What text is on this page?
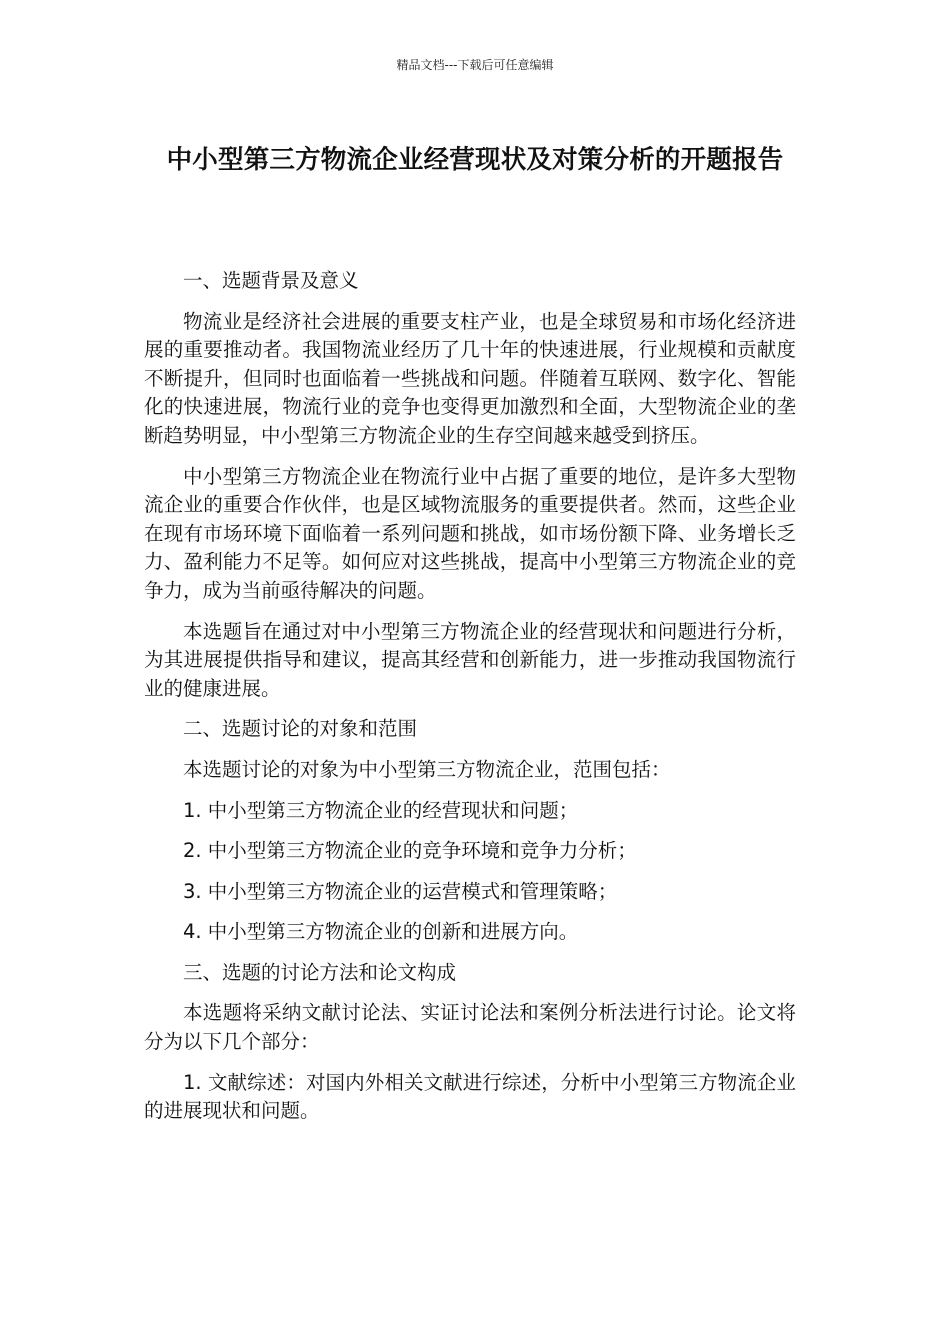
精品文档---下载后可任意编辑
中小型第三方物流企业经营现状及对策分析的开题报告

一、选题背景及意义

物流业是经济社会进展的重要支柱产业，也是全球贸易和市场化经济进展的重要推动者。我国物流业经历了几十年的快速进展，行业规模和贡献度不断提升，但同时也面临着一些挑战和问题。伴随着互联网、数字化、智能化的快速进展，物流行业的竞争也变得更加激烈和全面，大型物流企业的垄断趋势明显，中小型第三方物流企业的生存空间越来越受到挤压。

中小型第三方物流企业在物流行业中占据了重要的地位，是许多大型物流企业的重要合作伙伴，也是区域物流服务的重要提供者。然而，这些企业在现有市场环境下面临着一系列问题和挑战，如市场份额下降、业务增长乏力、盈利能力不足等。如何应对这些挑战，提高中小型第三方物流企业的竞争力，成为当前亟待解决的问题。

本选题旨在通过对中小型第三方物流企业的经营现状和问题进行分析，为其进展提供指导和建议，提高其经营和创新能力，进一步推动我国物流行业的健康进展。

二、选题讨论的对象和范围

本选题讨论的对象为中小型第三方物流企业，范围包括：

1. 中小型第三方物流企业的经营现状和问题；

2. 中小型第三方物流企业的竞争环境和竞争力分析；

3. 中小型第三方物流企业的运营模式和管理策略；

4. 中小型第三方物流企业的创新和进展方向。

三、选题的讨论方法和论文构成

本选题将采纳文献讨论法、实证讨论法和案例分析法进行讨论。论文将分为以下几个部分：

1. 文献综述：对国内外相关文献进行综述，分析中小型第三方物流企业的进展现状和问题。
